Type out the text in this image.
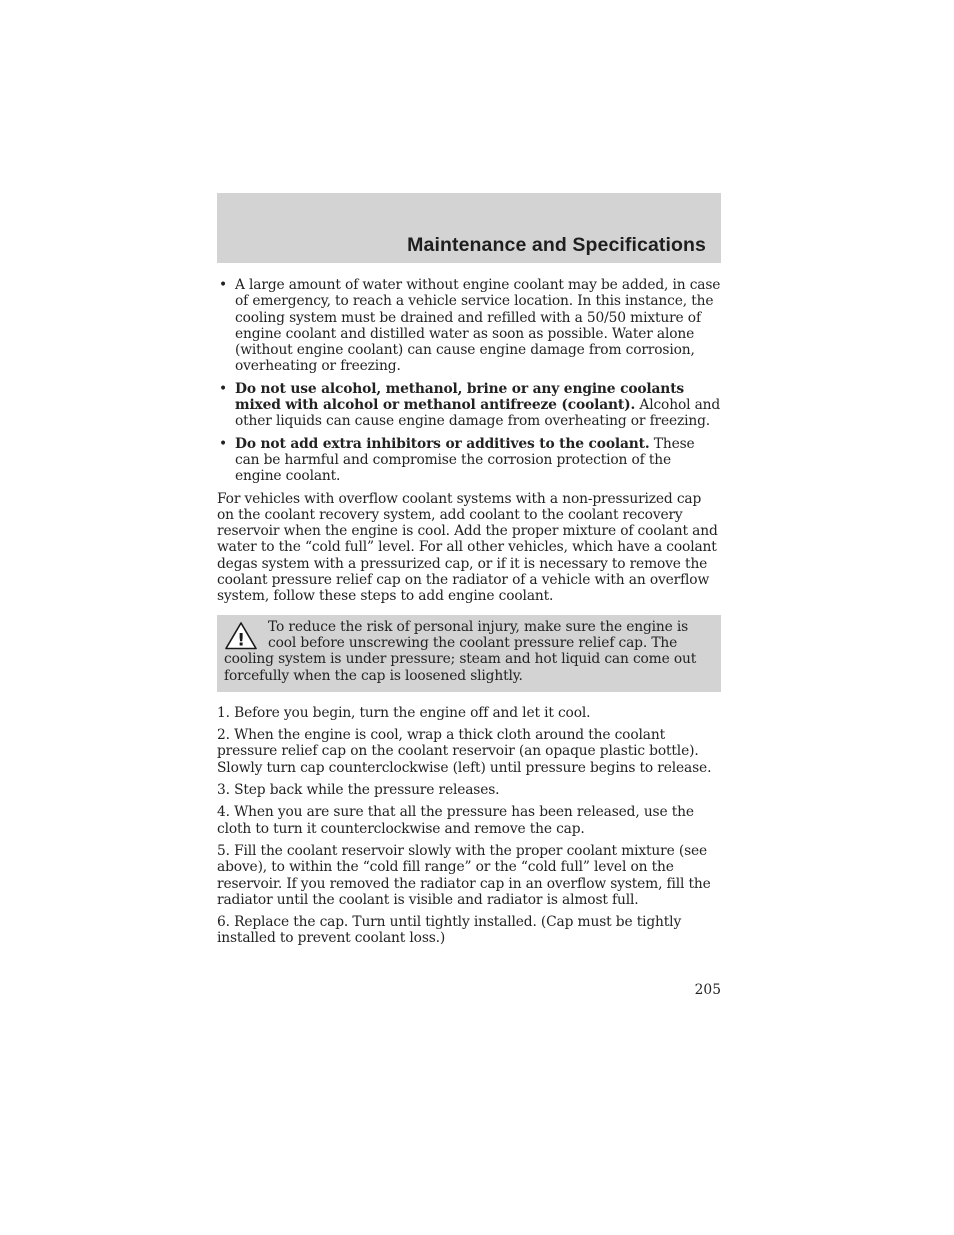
Maintenance and Specifications
• A large amount of water without engine coolant may be added, in case of emergency, to reach a vehicle service location. In this instance, the cooling system must be drained and refilled with a 50/50 mixture of engine coolant and distilled water as soon as possible. Water alone (without engine coolant) can cause engine damage from corrosion, overheating or freezing.
• Do not use alcohol, methanol, brine or any engine coolants mixed with alcohol or methanol antifreeze (coolant). Alcohol and other liquids can cause engine damage from overheating or freezing.
• Do not add extra inhibitors or additives to the coolant. These can be harmful and compromise the corrosion protection of the engine coolant.

For vehicles with overflow coolant systems with a non-pressurized cap on the coolant recovery system, add coolant to the coolant recovery reservoir when the engine is cool. Add the proper mixture of coolant and water to the “cold full” level. For all other vehicles, which have a coolant degas system with a pressurized cap, or if it is necessary to remove the coolant pressure relief cap on the radiator of a vehicle with an overflow system, follow these steps to add engine coolant.

!
To reduce the risk of personal injury, make sure the engine is cool before unscrewing the coolant pressure relief cap. The cooling system is under pressure; steam and hot liquid can come out forcefully when the cap is loosened slightly.
1. Before you begin, turn the engine off and let it cool.
2. When the engine is cool, wrap a thick cloth around the coolant pressure relief cap on the coolant reservoir (an opaque plastic bottle). Slowly turn cap counterclockwise (left) until pressure begins to release.
3. Step back while the pressure releases.
4. When you are sure that all the pressure has been released, use the cloth to turn it counterclockwise and remove the cap.
5. Fill the coolant reservoir slowly with the proper coolant mixture (see above), to within the “cold fill range” or the “cold full” level on the reservoir. If you removed the radiator cap in an overflow system, fill the radiator until the coolant is visible and radiator is almost full.
6. Replace the cap. Turn until tightly installed. (Cap must be tightly installed to prevent coolant loss.)

205
